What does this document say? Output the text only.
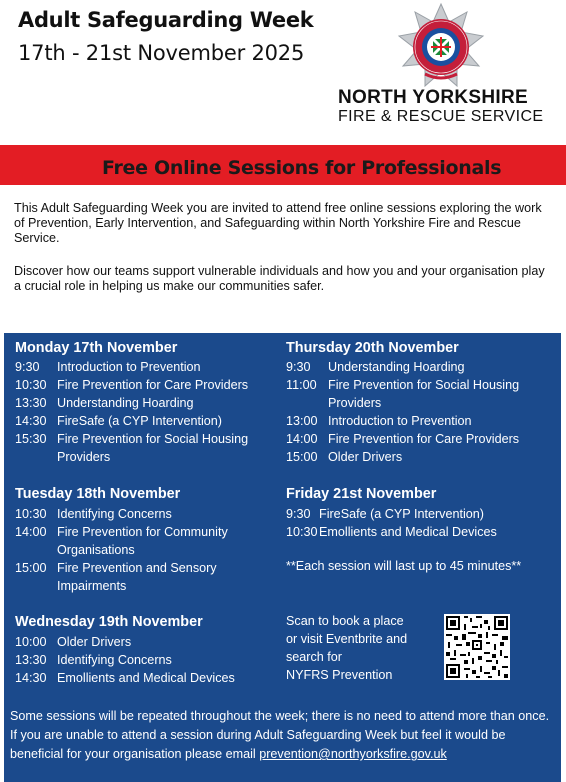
Adult Safeguarding Week
17th - 21st November 2025
NORTH YORKSHIRE
FIRE & RESCUE SERVICE
Free Online Sessions for Professionals
This Adult Safeguarding Week you are invited to attend free online sessions exploring the work of Prevention, Early Intervention, and Safeguarding within North Yorkshire Fire and Rescue Service.
Discover how our teams support vulnerable individuals and how you and your organisation play a crucial role in helping us make our communities safer.
Monday 17th November
9:30 Introduction to Prevention
10:30 Fire Prevention for Care Providers
13:30 Understanding Hoarding
14:30 FireSafe (a CYP Intervention)
15:30 Fire Prevention for Social Housing
Providers
Tuesday 18th November
10:30 Identifying Concerns
14:00 Fire Prevention for Community
Organisations
15:00 Fire Prevention and Sensory
Impairments
Wednesday 19th November
10:00 Older Drivers
13:30 Identifying Concerns
14:30 Emollients and Medical Devices
Thursday 20th November
9:30 Understanding Hoarding
11:00 Fire Prevention for Social Housing
Providers
13:00 Introduction to Prevention
14:00 Fire Prevention for Care Providers
15:00 Older Drivers
Friday 21st November
9:30 FireSafe (a CYP Intervention)
10:30 Emollients and Medical Devices
**Each session will last up to 45 minutes**
Scan to book a place
or visit Eventbrite and
search for
NYFRS Prevention
Some sessions will be repeated throughout the week; there is no need to attend more than once. If you are unable to attend a session during Adult Safeguarding Week but feel it would be beneficial for your organisation please email prevention@northyorksfire.gov.uk
